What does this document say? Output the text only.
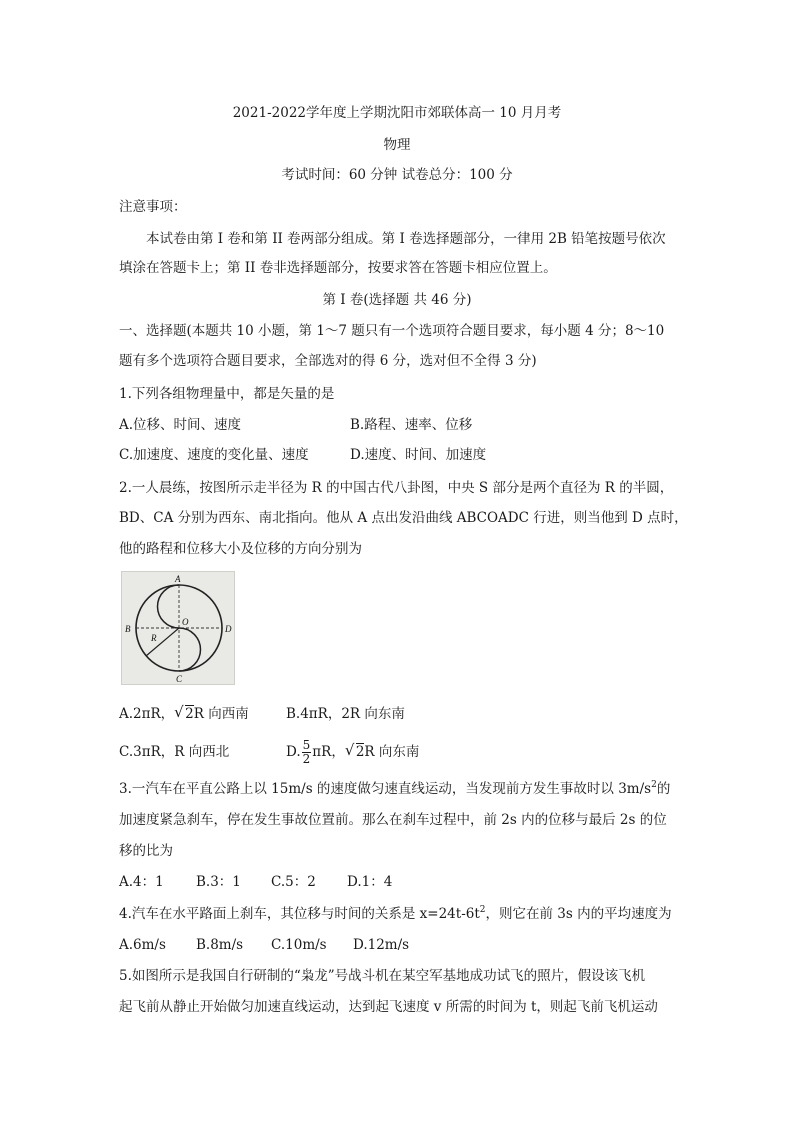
2021-2022学年度上学期沈阳市郊联体高一 10 月月考
物理
考试时间：60 分钟 试卷总分：100 分
注意事项：
本试卷由第 I 卷和第 II 卷两部分组成。第 I 卷选择题部分，一律用 2B 铅笔按题号依次
填涂在答题卡上；第 II 卷非选择题部分，按要求答在答题卡相应位置上。
第 I 卷(选择题 共 46 分)
一、选择题(本题共 10 小题，第 1～7 题只有一个选项符合题目要求，每小题 4 分；8～10
题有多个选项符合题目要求，全部选对的得 6 分，选对但不全得 3 分)
1.下列各组物理量中，都是矢量的是
A.位移、时间、速度	B.路程、速率、位移
C.加速度、速度的变化量、速度	D.速度、时间、加速度
2.一人晨练，按图所示走半径为 R 的中国古代八卦图，中央 S 部分是两个直径为 R 的半圆，
BD、CA 分别为西东、南北指向。他从 A 点出发沿曲线 ABCOADC 行进，则当他到 D 点时，
他的路程和位移大小及位移的方向分别为
A
B	D
C
O
R
A.2πR， √ 2R 向西南	B.4πR，2R 向东南
C.3πR，R 向西北	D. $\frac{5}{2}$ πR， √ 2R 向东南
3.一汽车在平直公路上以 15m/s 的速度做匀速直线运动，当发现前方发生事故时以 $3m/s^2$的
加速度紧急刹车，停在发生事故位置前。那么在刹车过程中，前 2s 内的位移与最后 2s 的位
移的比为
A.4：1 B.3：1 C.5：2 D.1：4
4.汽车在水平路面上刹车，其位移与时间的关系是 $x=24t-6t^2$，则它在前 3s 内的平均速度为
A.6m/s B.8m/s C.10m/s D.12m/s
5.如图所示是我国自行研制的“枭龙”号战斗机在某空军基地成功试飞的照片，假设该飞机
起飞前从静止开始做匀加速直线运动，达到起飞速度 v 所需的时间为 t，则起飞前飞机运动
